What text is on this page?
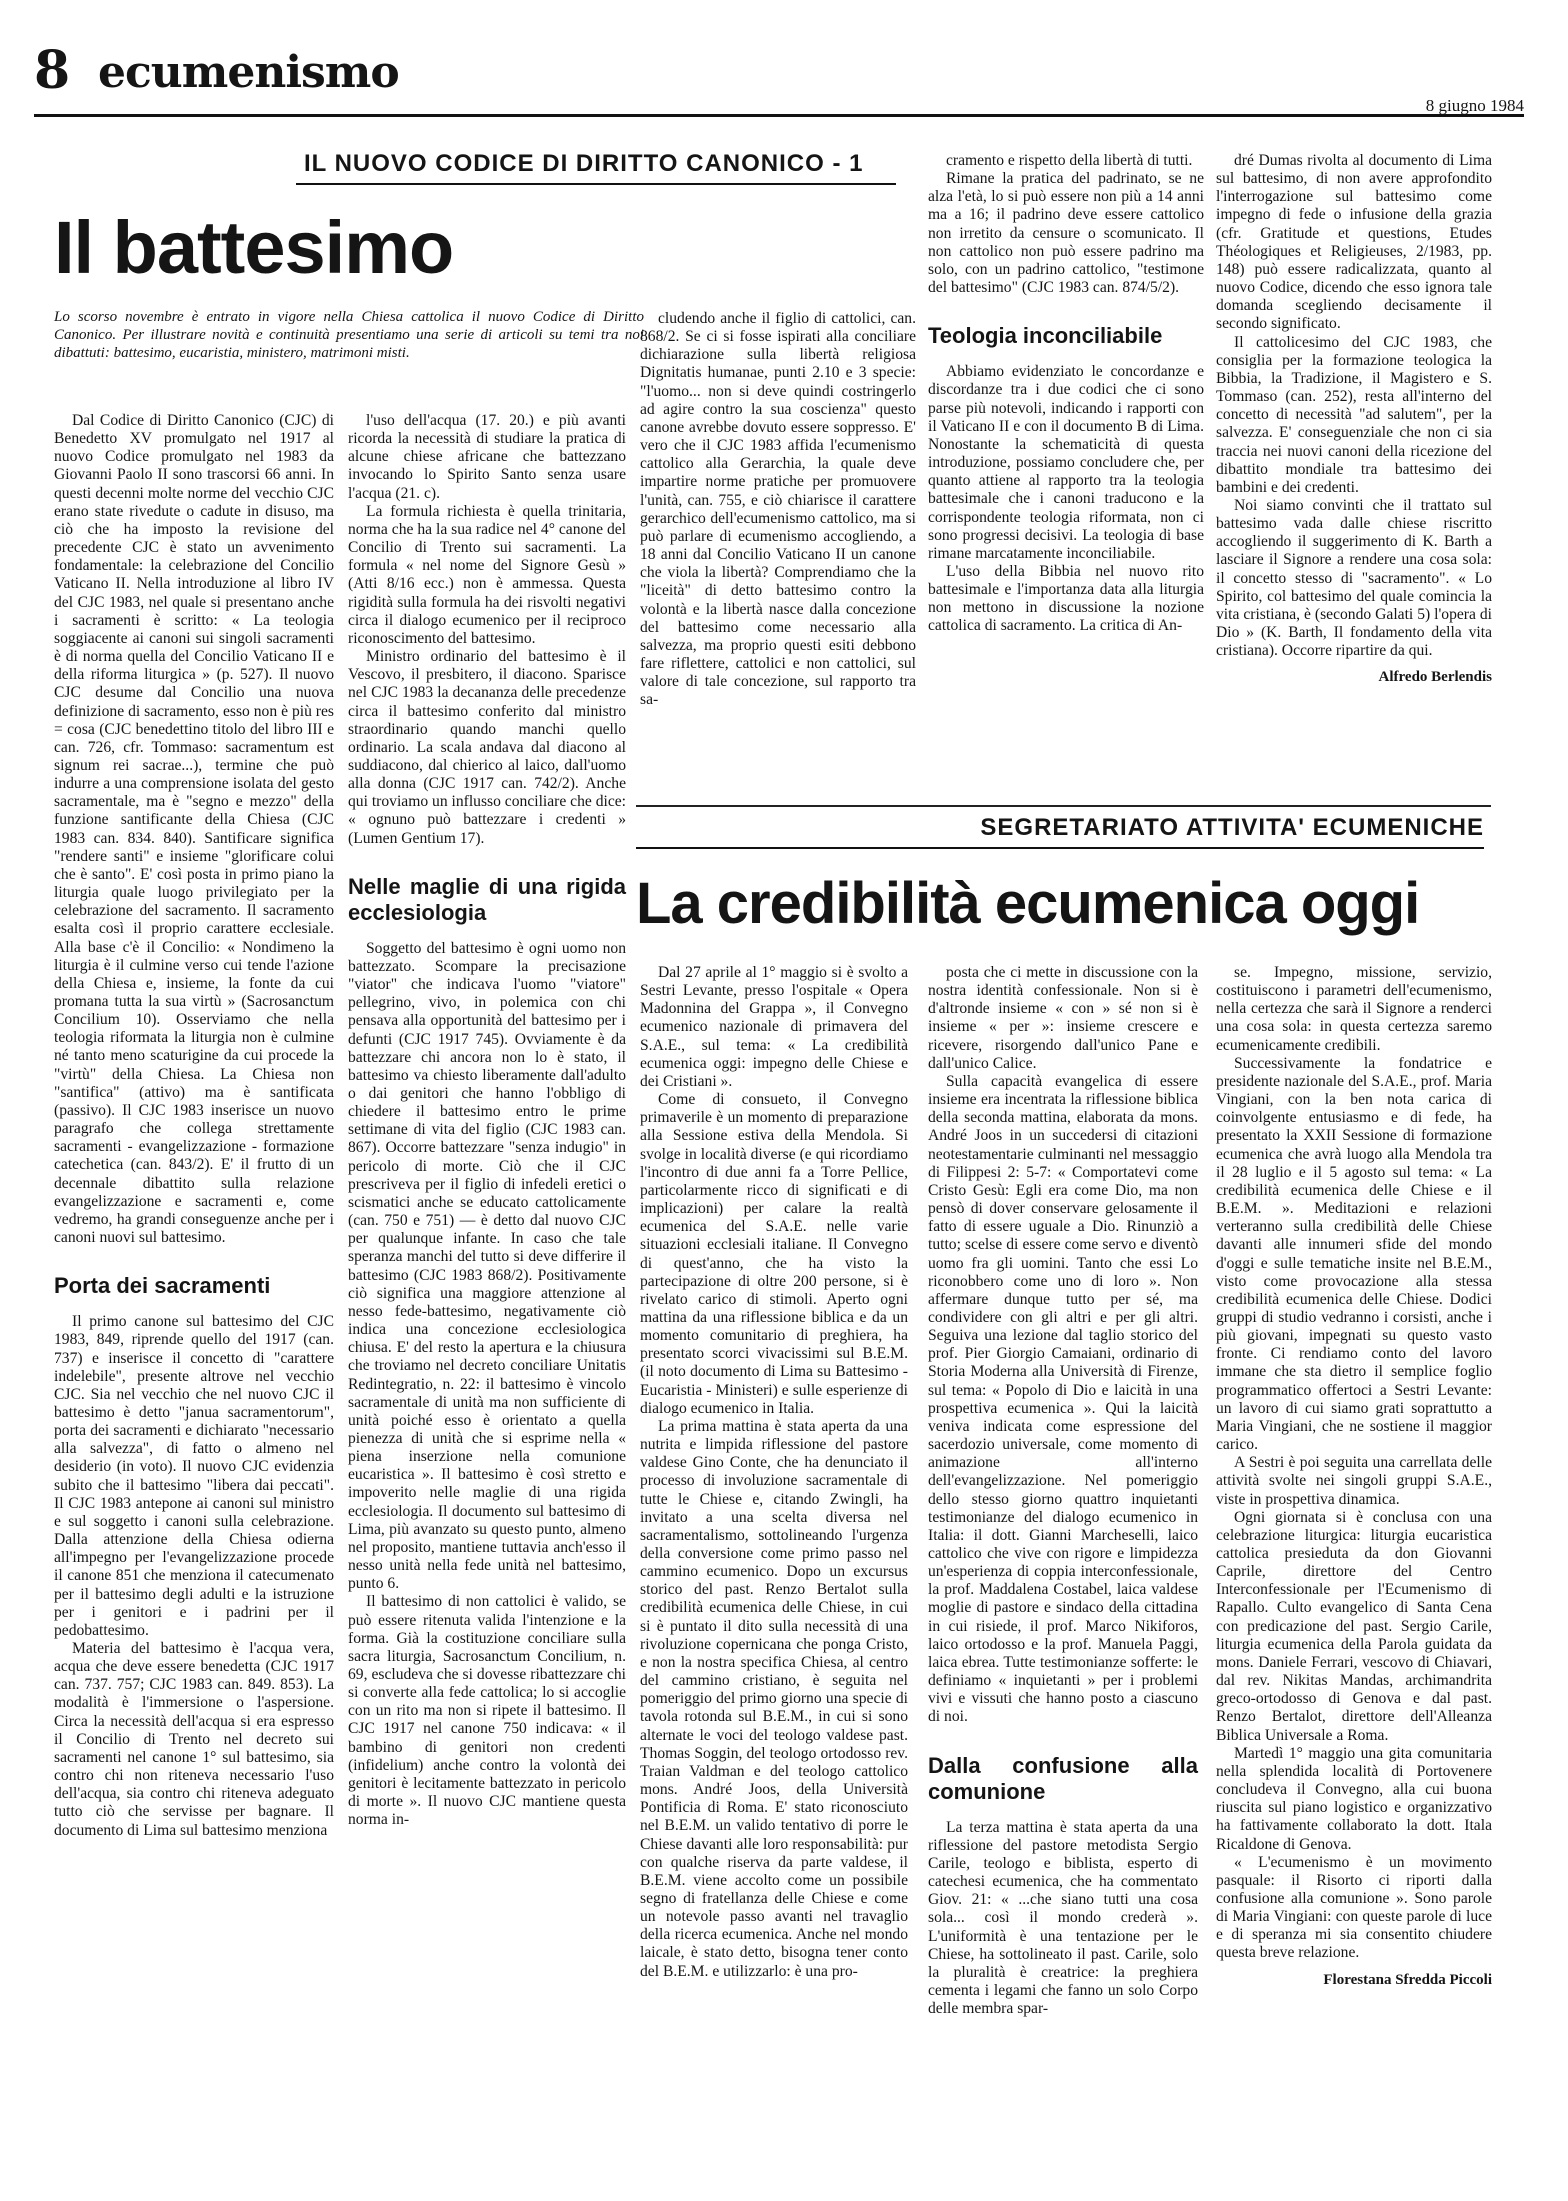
8 ecumenismo
8 giugno 1984
IL NUOVO CODICE DI DIRITTO CANONICO - 1
Il battesimo
Lo scorso novembre è entrato in vigore nella Chiesa cattolica il nuovo Codice di Diritto Canonico. Per illustrare novità e continuità presentiamo una serie di articoli su temi tra noi dibattuti: battesimo, eucaristia, ministero, matrimoni misti.

Dal Codice di Diritto Canonico (CJC) di Benedetto XV promulgato nel 1917 al nuovo Codice promulgato nel 1983 da Giovanni Paolo II sono trascorsi 66 anni. In questi decenni molte norme del vecchio CJC erano state rivedute o cadute in disuso, ma ciò che ha imposto la revisione del precedente CJC è stato un avvenimento fondamentale: la celebrazione del Concilio Vaticano II. Nella introduzione al libro IV del CJC 1983, nel quale si presentano anche i sacramenti è scritto: « La teologia soggiacente ai canoni sui singoli sacramenti è di norma quella del Concilio Vaticano II e della riforma liturgica » (p. 527). Il nuovo CJC desume dal Concilio una nuova definizione di sacramento, esso non è più res = cosa (CJC benedettino titolo del libro III e can. 726, cfr. Tommaso: sacramentum est signum rei sacrae...), termine che può indurre a una comprensione isolata del gesto sacramentale, ma è "segno e mezzo" della funzione santificante della Chiesa (CJC 1983 can. 834. 840). Santificare significa "rendere santi" e insieme "glorificare colui che è santo". E' così posta in primo piano la liturgia quale luogo privilegiato per la celebrazione del sacramento. Il sacramento esalta così il proprio carattere ecclesiale. Alla base c'è il Concilio: « Nondimeno la liturgia è il culmine verso cui tende l'azione della Chiesa e, insieme, la fonte da cui promana tutta la sua virtù » (Sacrosanctum Concilium 10). Osserviamo che nella teologia riformata la liturgia non è culmine né tanto meno scaturigine da cui procede la "virtù" della Chiesa. La Chiesa non "santifica" (attivo) ma è santificata (passivo). Il CJC 1983 inserisce un nuovo paragrafo che collega strettamente sacramenti - evangelizzazione - formazione catechetica (can. 843/2). E' il frutto di un decennale dibattito sulla relazione evangelizzazione e sacramenti e, come vedremo, ha grandi conseguenze anche per i canoni nuovi sul battesimo.

Porta dei sacramenti

Il primo canone sul battesimo del CJC 1983, 849, riprende quello del 1917 (can. 737) e inserisce il concetto di "carattere indelebile", presente altrove nel vecchio CJC. Sia nel vecchio che nel nuovo CJC il battesimo è detto "janua sacramentorum", porta dei sacramenti e dichiarato "necessario alla salvezza", di fatto o almeno nel desiderio (in voto). Il nuovo CJC evidenzia subito che il battesimo "libera dai peccati". Il CJC 1983 antepone ai canoni sul ministro e sul soggetto i canoni sulla celebrazione. Dalla attenzione della Chiesa odierna all'impegno per l'evangelizzazione procede il canone 851 che menziona il catecumenato per il battesimo degli adulti e la istruzione per i genitori e i padrini per il pedobattesimo.

Materia del battesimo è l'acqua vera, acqua che deve essere benedetta (CJC 1917 can. 737. 757; CJC 1983 can. 849. 853). La modalità è l'immersione o l'aspersione. Circa la necessità dell'acqua si era espresso il Concilio di Trento nel decreto sui sacramenti nel canone 1° sul battesimo, sia contro chi non riteneva necessario l'uso dell'acqua, sia contro chi riteneva adeguato tutto ciò che servisse per bagnare. Il documento di Lima sul battesimo menziona

l'uso dell'acqua (17. 20.) e più avanti ricorda la necessità di studiare la pratica di alcune chiese africane che battezzano invocando lo Spirito Santo senza usare l'acqua (21. c).

La formula richiesta è quella trinitaria, norma che ha la sua radice nel 4° canone del Concilio di Trento sui sacramenti. La formula « nel nome del Signore Gesù » (Atti 8/16 ecc.) non è ammessa. Questa rigidità sulla formula ha dei risvolti negativi circa il dialogo ecumenico per il reciproco riconoscimento del battesimo.

Ministro ordinario del battesimo è il Vescovo, il presbitero, il diacono. Sparisce nel CJC 1983 la decananza delle precedenze circa il battesimo conferito dal ministro straordinario quando manchi quello ordinario. La scala andava dal diacono al suddiacono, dal chierico al laico, dall'uomo alla donna (CJC 1917 can. 742/2). Anche qui troviamo un influsso conciliare che dice: « ognuno può battezzare i credenti » (Lumen Gentium 17).

Nelle maglie di una rigida ecclesiologia

Soggetto del battesimo è ogni uomo non battezzato. Scompare la precisazione "viator" che indicava l'uomo "viatore" pellegrino, vivo, in polemica con chi pensava alla opportunità del battesimo per i defunti (CJC 1917 745). Ovviamente è da battezzare chi ancora non lo è stato, il battesimo va chiesto liberamente dall'adulto o dai genitori che hanno l'obbligo di chiedere il battesimo entro le prime settimane di vita del figlio (CJC 1983 can. 867). Occorre battezzare "senza indugio" in pericolo di morte. Ciò che il CJC prescriveva per il figlio di infedeli eretici o scismatici anche se educato cattolicamente (can. 750 e 751) — è detto dal nuovo CJC per qualunque infante. In caso che tale speranza manchi del tutto si deve differire il battesimo (CJC 1983 868/2). Positivamente ciò significa una maggiore attenzione al nesso fede-battesimo, negativamente ciò indica una concezione ecclesiologica chiusa. E' del resto la apertura e la chiusura che troviamo nel decreto conciliare Unitatis Redintegratio, n. 22: il battesimo è vincolo sacramentale di unità ma non sufficiente di unità poiché esso è orientato a quella pienezza di unità che si esprime nella « piena inserzione nella comunione eucaristica ». Il battesimo è così stretto e impoverito nelle maglie di una rigida ecclesiologia. Il documento sul battesimo di Lima, più avanzato su questo punto, almeno nel proposito, mantiene tuttavia anch'esso il nesso unità nella fede unità nel battesimo, punto 6.

Il battesimo di non cattolici è valido, se può essere ritenuta valida l'intenzione e la forma. Già la costituzione conciliare sulla sacra liturgia, Sacrosanctum Concilium, n. 69, escludeva che si dovesse ribattezzare chi si converte alla fede cattolica; lo si accoglie con un rito ma non si ripete il battesimo. Il CJC 1917 nel canone 750 indicava: « il bambino di genitori non credenti (infidelium) anche contro la volontà dei genitori è lecitamente battezzato in pericolo di morte ». Il nuovo CJC mantiene questa norma in-

cludendo anche il figlio di cattolici, can. 868/2. Se ci si fosse ispirati alla conciliare dichiarazione sulla libertà religiosa Dignitatis humanae, punti 2.10 e 3 specie: "l'uomo... non si deve quindi costringerlo ad agire contro la sua coscienza" questo canone avrebbe dovuto essere soppresso. E' vero che il CJC 1983 affida l'ecumenismo cattolico alla Gerarchia, la quale deve impartire norme pratiche per promuovere l'unità, can. 755, e ciò chiarisce il carattere gerarchico dell'ecumenismo cattolico, ma si può parlare di ecumenismo accogliendo, a 18 anni dal Concilio Vaticano II un canone che viola la libertà? Comprendiamo che la "liceità" di detto battesimo contro la volontà e la libertà nasce dalla concezione del battesimo come necessario alla salvezza, ma proprio questi esiti debbono fare riflettere, cattolici e non cattolici, sul valore di tale concezione, sul rapporto tra sa-

cramento e rispetto della libertà di tutti.

Rimane la pratica del padrinato, se ne alza l'età, lo si può essere non più a 14 anni ma a 16; il padrino deve essere cattolico non irretito da censure o scomunicato. Il non cattolico non può essere padrino ma solo, con un padrino cattolico, "testimone del battesimo" (CJC 1983 can. 874/5/2).

Teologia inconciliabile

Abbiamo evidenziato le concordanze e discordanze tra i due codici che ci sono parse più notevoli, indicando i rapporti con il Vaticano II e con il documento B di Lima. Nonostante la schematicità di questa introduzione, possiamo concludere che, per quanto attiene al rapporto tra la teologia battesimale che i canoni traducono e la corrispondente teologia riformata, non ci sono progressi decisivi. La teologia di base rimane marcatamente inconciliabile.

L'uso della Bibbia nel nuovo rito battesimale e l'importanza data alla liturgia non mettono in discussione la nozione cattolica di sacramento. La critica di An-

dré Dumas rivolta al documento di Lima sul battesimo, di non avere approfondito l'interrogazione sul battesimo come impegno di fede o infusione della grazia (cfr. Gratitude et questions, Etudes Théologiques et Religieuses, 2/1983, pp. 148) può essere radicalizzata, quanto al nuovo Codice, dicendo che esso ignora tale domanda scegliendo decisamente il secondo significato.

Il cattolicesimo del CJC 1983, che consiglia per la formazione teologica la Bibbia, la Tradizione, il Magistero e S. Tommaso (can. 252), resta all'interno del concetto di necessità "ad salutem", per la salvezza. E' conseguenziale che non ci sia traccia nei nuovi canoni della ricezione del dibattito mondiale tra battesimo dei bambini e dei credenti.

Noi siamo convinti che il trattato sul battesimo vada dalle chiese riscritto accogliendo il suggerimento di K. Barth a lasciare il Signore a rendere una cosa sola: il concetto stesso di "sacramento". « Lo Spirito, col battesimo del quale comincia la vita cristiana, è (secondo Galati 5) l'opera di Dio » (K. Barth, Il fondamento della vita cristiana). Occorre ripartire da qui.

Alfredo Berlendis
SEGRETARIATO ATTIVITA' ECUMENICHE
La credibilità ecumenica oggi

Dal 27 aprile al 1° maggio si è svolto a Sestri Levante, presso l'ospitale « Opera Madonnina del Grappa », il Convegno ecumenico nazionale di primavera del S.A.E., sul tema: « La credibilità ecumenica oggi: impegno delle Chiese e dei Cristiani ».

Come di consueto, il Convegno primaverile è un momento di preparazione alla Sessione estiva della Mendola. Si svolge in località diverse (e qui ricordiamo l'incontro di due anni fa a Torre Pellice, particolarmente ricco di significati e di implicazioni) per calare la realtà ecumenica del S.A.E. nelle varie situazioni ecclesiali italiane. Il Convegno di quest'anno, che ha visto la partecipazione di oltre 200 persone, si è rivelato carico di stimoli. Aperto ogni mattina da una riflessione biblica e da un momento comunitario di preghiera, ha presentato scorci vivacissimi sul B.E.M. (il noto documento di Lima su Battesimo - Eucaristia - Ministeri) e sulle esperienze di dialogo ecumenico in Italia.

La prima mattina è stata aperta da una nutrita e limpida riflessione del pastore valdese Gino Conte, che ha denunciato il processo di involuzione sacramentale di tutte le Chiese e, citando Zwingli, ha invitato a una scelta diversa nel sacramentalismo, sottolineando l'urgenza della conversione come primo passo nel cammino ecumenico. Dopo un excursus storico del past. Renzo Bertalot sulla credibilità ecumenica delle Chiese, in cui si è puntato il dito sulla necessità di una rivoluzione copernicana che ponga Cristo, e non la nostra specifica Chiesa, al centro del cammino cristiano, è seguita nel pomeriggio del primo giorno una specie di tavola rotonda sul B.E.M., in cui si sono alternate le voci del teologo valdese past. Thomas Soggin, del teologo ortodosso rev. Traian Valdman e del teologo cattolico mons. André Joos, della Università Pontificia di Roma. E' stato riconosciuto nel B.E.M. un valido tentativo di porre le Chiese davanti alle loro responsabilità: pur con qualche riserva da parte valdese, il B.E.M. viene accolto come un possibile segno di fratellanza delle Chiese e come un notevole passo avanti nel travaglio della ricerca ecumenica. Anche nel mondo laicale, è stato detto, bisogna tener conto del B.E.M. e utilizzarlo: è una pro-

posta che ci mette in discussione con la nostra identità confessionale. Non si è d'altronde insieme « con » sé non si è insieme « per »: insieme crescere e ricevere, risorgendo dall'unico Pane e dall'unico Calice.

Sulla capacità evangelica di essere insieme era incentrata la riflessione biblica della seconda mattina, elaborata da mons. André Joos in un succedersi di citazioni neotestamentarie culminanti nel messaggio di Filippesi 2: 5-7: « Comportatevi come Cristo Gesù: Egli era come Dio, ma non pensò di dover conservare gelosamente il fatto di essere uguale a Dio. Rinunziò a tutto; scelse di essere come servo e diventò uomo fra gli uomini. Tanto che essi Lo riconobbero come uno di loro ». Non affermare dunque tutto per sé, ma condividere con gli altri e per gli altri. Seguiva una lezione dal taglio storico del prof. Pier Giorgio Camaiani, ordinario di Storia Moderna alla Università di Firenze, sul tema: « Popolo di Dio e laicità in una prospettiva ecumenica ». Qui la laicità veniva indicata come espressione del sacerdozio universale, come momento di animazione all'interno dell'evangelizzazione. Nel pomeriggio dello stesso giorno quattro inquietanti testimonianze del dialogo ecumenico in Italia: il dott. Gianni Marcheselli, laico cattolico che vive con rigore e limpidezza un'esperienza di coppia interconfessionale, la prof. Maddalena Costabel, laica valdese moglie di pastore e sindaco della cittadina in cui risiede, il prof. Marco Nikiforos, laico ortodosso e la prof. Manuela Paggi, laica ebrea. Tutte testimonianze sofferte: le definiamo « inquietanti » per i problemi vivi e vissuti che hanno posto a ciascuno di noi.

Dalla confusione alla comunione

La terza mattina è stata aperta da una riflessione del pastore metodista Sergio Carile, teologo e biblista, esperto di catechesi ecumenica, che ha commentato Giov. 21: « ...che siano tutti una cosa sola... così il mondo crederà ». L'uniformità è una tentazione per le Chiese, ha sottolineato il past. Carile, solo la pluralità è creatrice: la preghiera cementa i legami che fanno un solo Corpo delle membra spar-

se. Impegno, missione, servizio, costituiscono i parametri dell'ecumenismo, nella certezza che sarà il Signore a renderci una cosa sola: in questa certezza saremo ecumenicamente credibili.

Successivamente la fondatrice e presidente nazionale del S.A.E., prof. Maria Vingiani, con la ben nota carica di coinvolgente entusiasmo e di fede, ha presentato la XXII Sessione di formazione ecumenica che avrà luogo alla Mendola tra il 28 luglio e il 5 agosto sul tema: « La credibilità ecumenica delle Chiese e il B.E.M. ». Meditazioni e relazioni verteranno sulla credibilità delle Chiese davanti alle innumeri sfide del mondo d'oggi e sulle tematiche insite nel B.E.M., visto come provocazione alla stessa credibilità ecumenica delle Chiese. Dodici gruppi di studio vedranno i corsisti, anche i più giovani, impegnati su questo vasto fronte. Ci rendiamo conto del lavoro immane che sta dietro il semplice foglio programmatico offertoci a Sestri Levante: un lavoro di cui siamo grati soprattutto a Maria Vingiani, che ne sostiene il maggior carico.

A Sestri è poi seguita una carrellata delle attività svolte nei singoli gruppi S.A.E., viste in prospettiva dinamica.

Ogni giornata si è conclusa con una celebrazione liturgica: liturgia eucaristica cattolica presieduta da don Giovanni Caprile, direttore del Centro Interconfessionale per l'Ecumenismo di Rapallo. Culto evangelico di Santa Cena con predicazione del past. Sergio Carile, liturgia ecumenica della Parola guidata da mons. Daniele Ferrari, vescovo di Chiavari, dal rev. Nikitas Mandas, archimandrita greco-ortodosso di Genova e dal past. Renzo Bertalot, direttore dell'Alleanza Biblica Universale a Roma.

Martedì 1° maggio una gita comunitaria nella splendida località di Portovenere concludeva il Convegno, alla cui buona riuscita sul piano logistico e organizzativo ha fattivamente collaborato la dott. Itala Ricaldone di Genova.

« L'ecumenismo è un movimento pasquale: il Risorto ci riporti dalla confusione alla comunione ». Sono parole di Maria Vingiani: con queste parole di luce e di speranza mi sia consentito chiudere questa breve relazione.

Florestana Sfredda Piccoli
